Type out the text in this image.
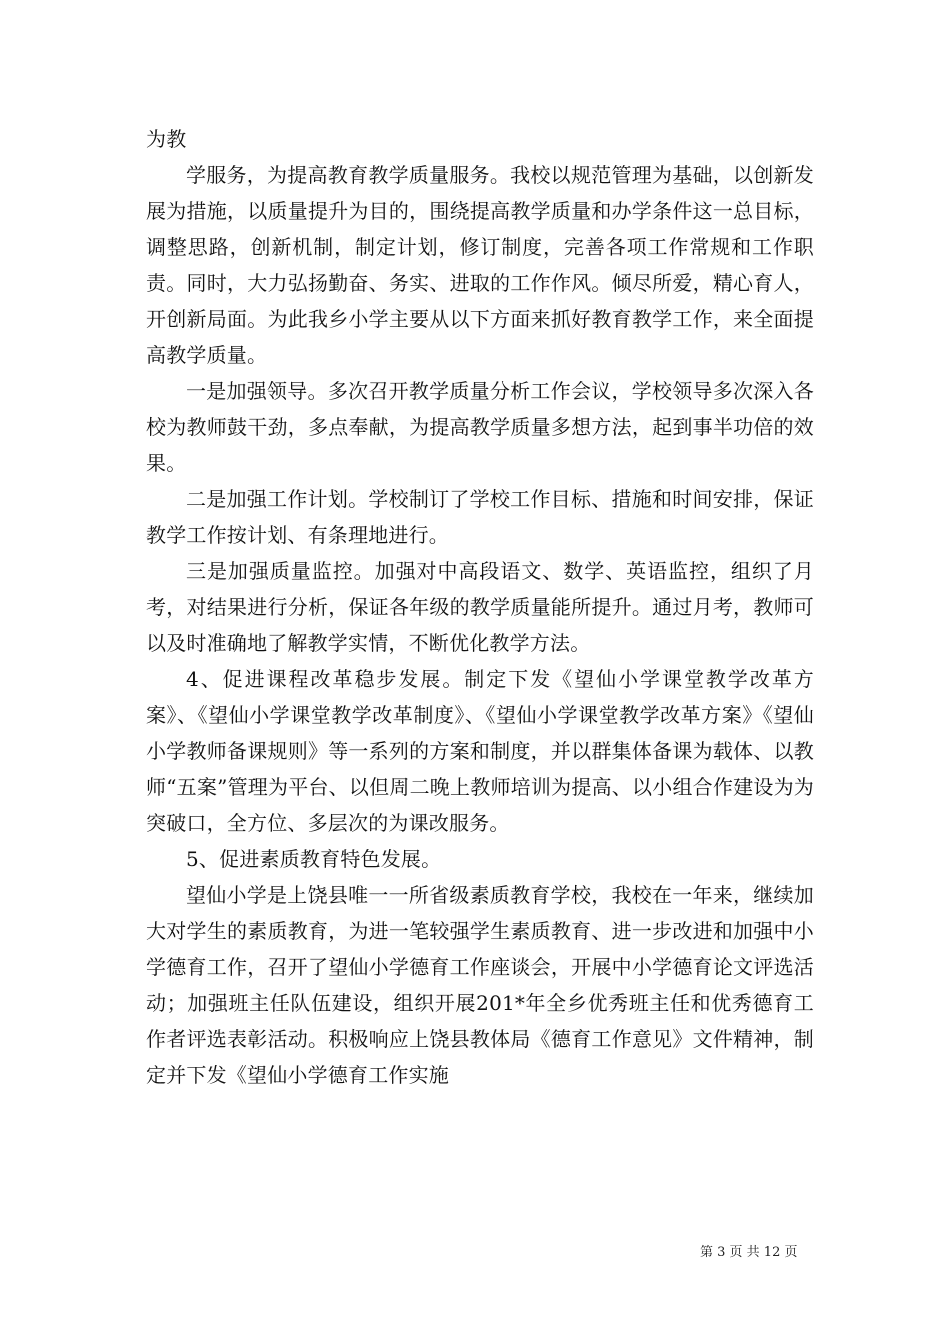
为教

学服务，为提高教育教学质量服务。我校以规范管理为基础，以创新发展为措施，以质量提升为目的，围绕提高教学质量和办学条件这一总目标，调整思路，创新机制，制定计划，修订制度，完善各项工作常规和工作职责。同时，大力弘扬勤奋、务实、进取的工作作风。倾尽所爱，精心育人，开创新局面。为此我乡小学主要从以下方面来抓好教育教学工作，来全面提高教学质量。

一是加强领导。多次召开教学质量分析工作会议，学校领导多次深入各校为教师鼓干劲，多点奉献，为提高教学质量多想方法，起到事半功倍的效果。

二是加强工作计划。学校制订了学校工作目标、措施和时间安排，保证教学工作按计划、有条理地进行。

三是加强质量监控。加强对中高段语文、数学、英语监控，组织了月考，对结果进行分析，保证各年级的教学质量能所提升。通过月考，教师可以及时准确地了解教学实情，不断优化教学方法。

4、促进课程改革稳步发展。制定下发《望仙小学课堂教学改革方案》、《望仙小学课堂教学改革制度》、《望仙小学课堂教学改革方案》《望仙小学教师备课规则》等一系列的方案和制度，并以群集体备课为载体、以教师“五案”管理为平台、以但周二晚上教师培训为提高、以小组合作建设为为突破口，全方位、多层次的为课改服务。

5、促进素质教育特色发展。

望仙小学是上饶县唯一一所省级素质教育学校，我校在一年来，继续加大对学生的素质教育，为进一笔较强学生素质教育、进一步改进和加强中小学德育工作，召开了望仙小学德育工作座谈会，开展中小学德育论文评选活动；加强班主任队伍建设，组织开展201*年全乡优秀班主任和优秀德育工作者评选表彰活动。积极响应上饶县教体局《德育工作意见》文件精神，制定并下发《望仙小学德育工作实施

第 3 页 共 12 页
